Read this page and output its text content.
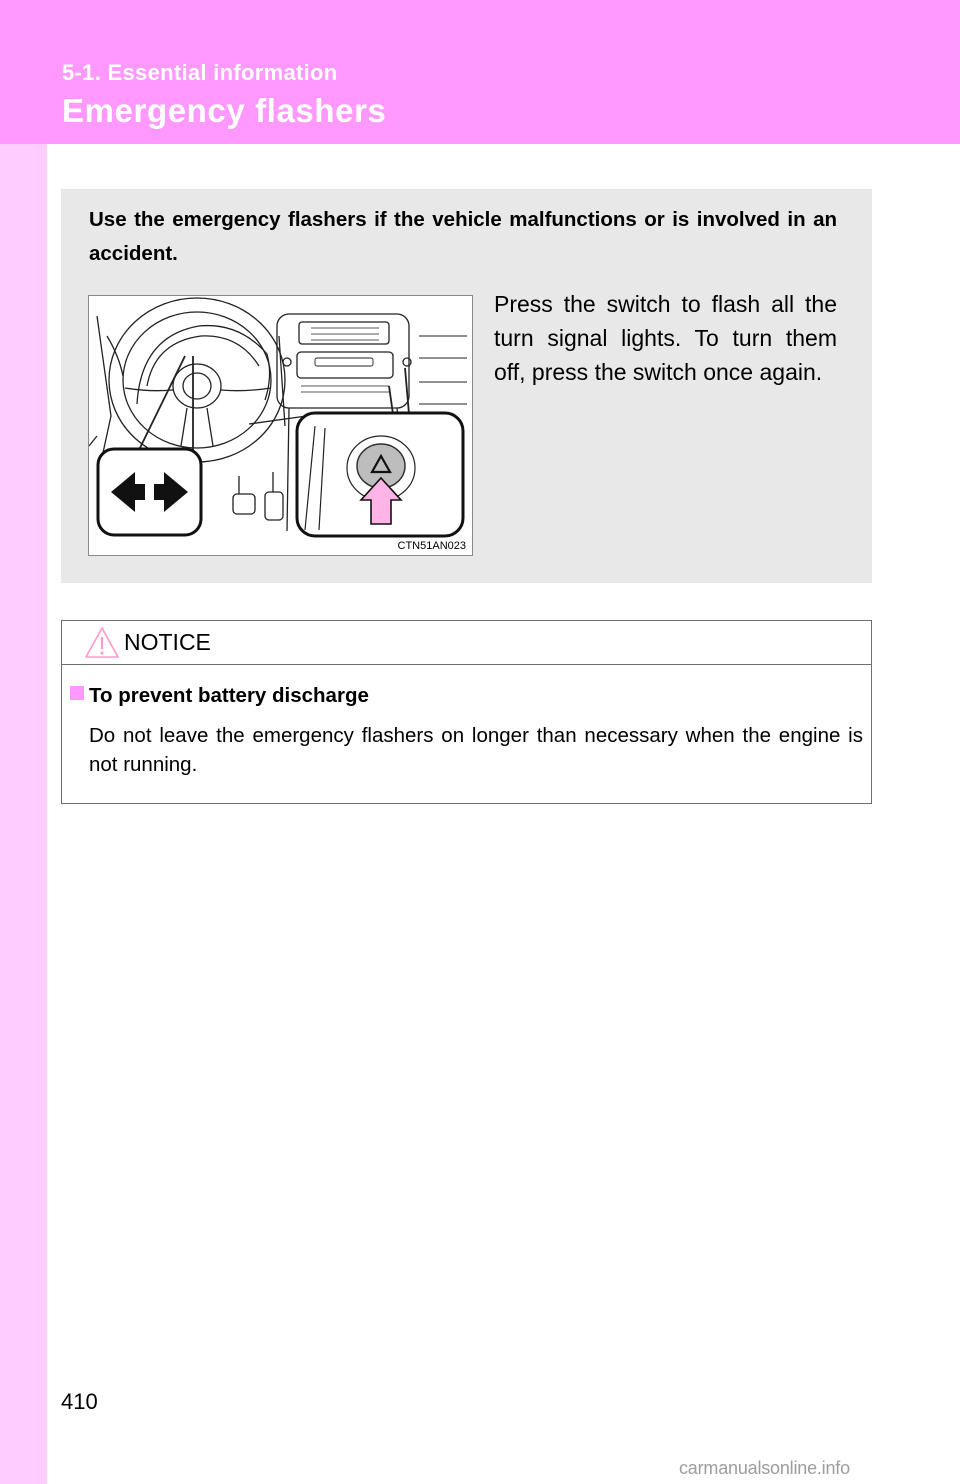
5-1. Essential information
Emergency flashers

Use the emergency flashers if the vehicle malfunctions or is involved in an accident.

CTN51AN023

Press the switch to flash all the turn signal lights. To turn them off, press the switch once again.

NOTICE
To prevent battery discharge

Do not leave the emergency flashers on longer than necessary when the engine is not running.

410
carmanualsonline.info
